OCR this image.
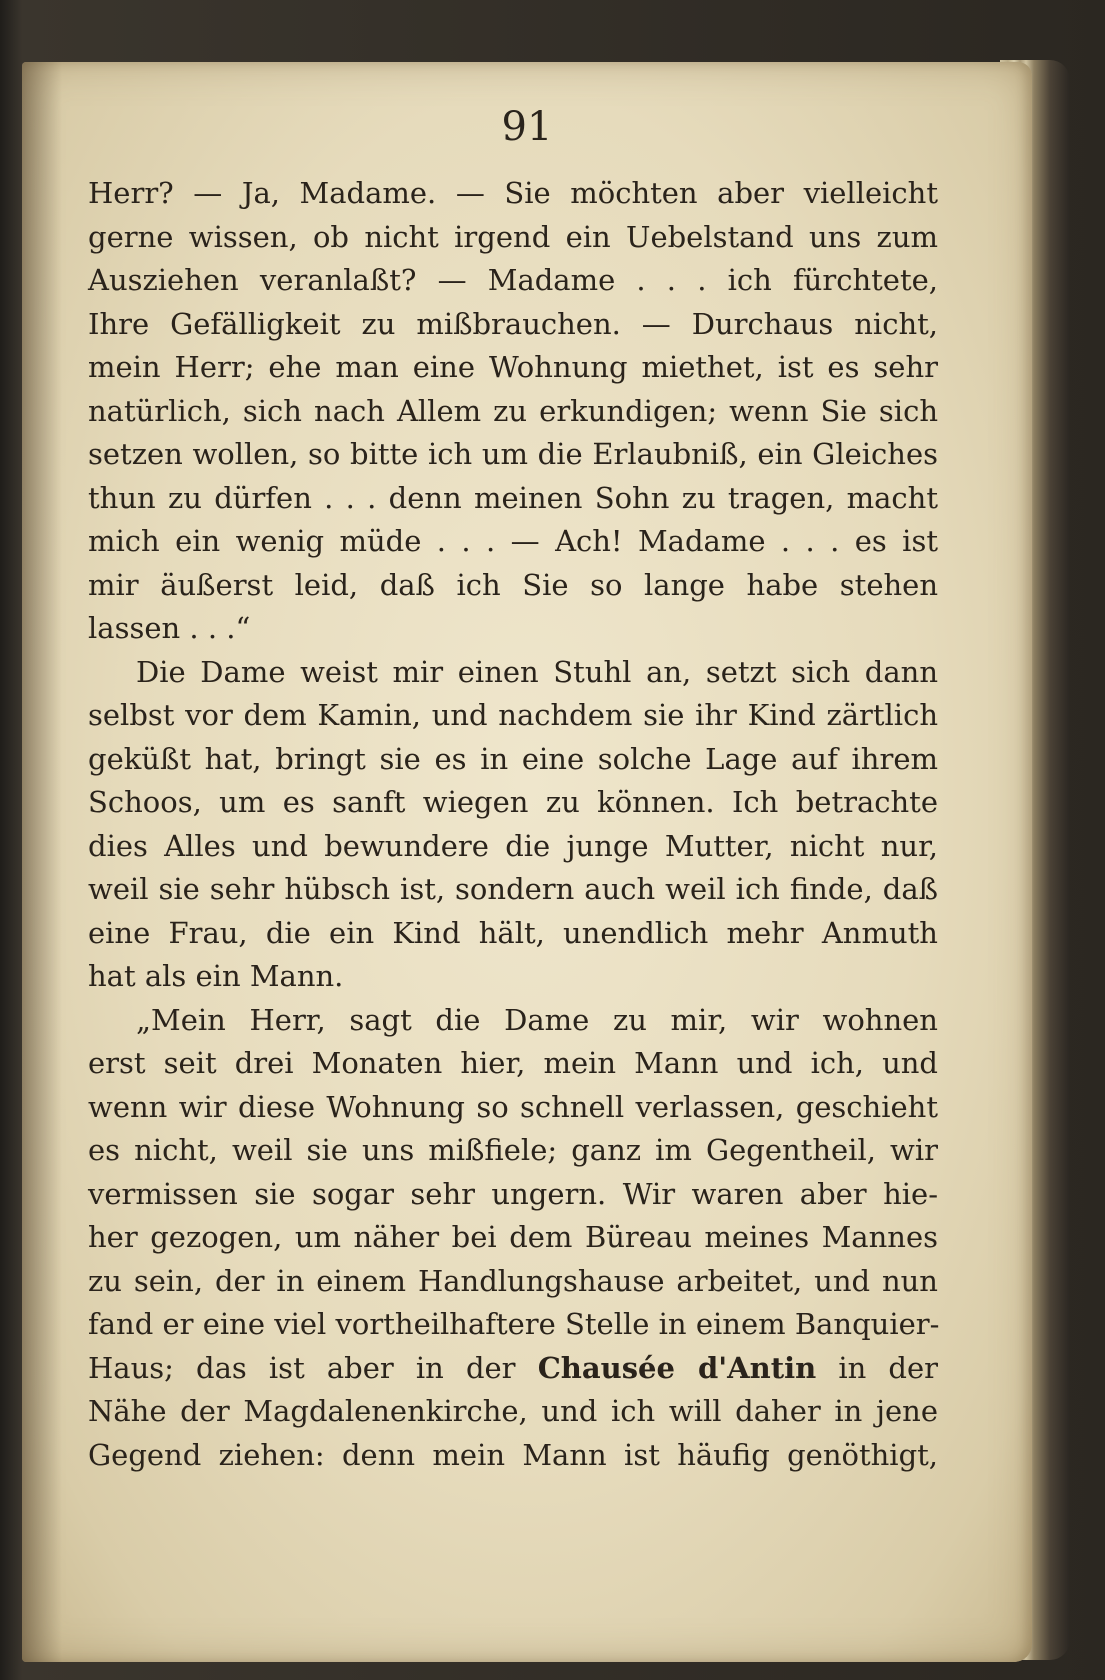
91
Herr? — Ja, Madame. — Sie möchten aber vielleicht
gerne wissen, ob nicht irgend ein Uebelstand uns zum
Ausziehen veranlaßt? — Madame . . . ich fürchtete,
Ihre Gefälligkeit zu mißbrauchen. — Durchaus nicht,
mein Herr; ehe man eine Wohnung miethet, ist es sehr
natürlich, sich nach Allem zu erkundigen; wenn Sie sich
setzen wollen, so bitte ich um die Erlaubniß, ein Gleiches
thun zu dürfen . . . denn meinen Sohn zu tragen, macht
mich ein wenig müde . . . — Ach! Madame . . . es ist
mir äußerst leid, daß ich Sie so lange habe stehen
lassen . . .“
Die Dame weist mir einen Stuhl an, setzt sich dann
selbst vor dem Kamin, und nachdem sie ihr Kind zärtlich
geküßt hat, bringt sie es in eine solche Lage auf ihrem
Schoos, um es sanft wiegen zu können. Ich betrachte
dies Alles und bewundere die junge Mutter, nicht nur,
weil sie sehr hübsch ist, sondern auch weil ich finde, daß
eine Frau, die ein Kind hält, unendlich mehr Anmuth
hat als ein Mann.
„Mein Herr, sagt die Dame zu mir, wir wohnen
erst seit drei Monaten hier, mein Mann und ich, und
wenn wir diese Wohnung so schnell verlassen, geschieht
es nicht, weil sie uns mißfiele; ganz im Gegentheil, wir
vermissen sie sogar sehr ungern. Wir waren aber hie-
her gezogen, um näher bei dem Büreau meines Mannes
zu sein, der in einem Handlungshause arbeitet, und nun
fand er eine viel vortheilhaftere Stelle in einem Banquier-
Haus; das ist aber in der Chausée d'Antin in der
Nähe der Magdalenenkirche, und ich will daher in jene
Gegend ziehen: denn mein Mann ist häufig genöthigt,
